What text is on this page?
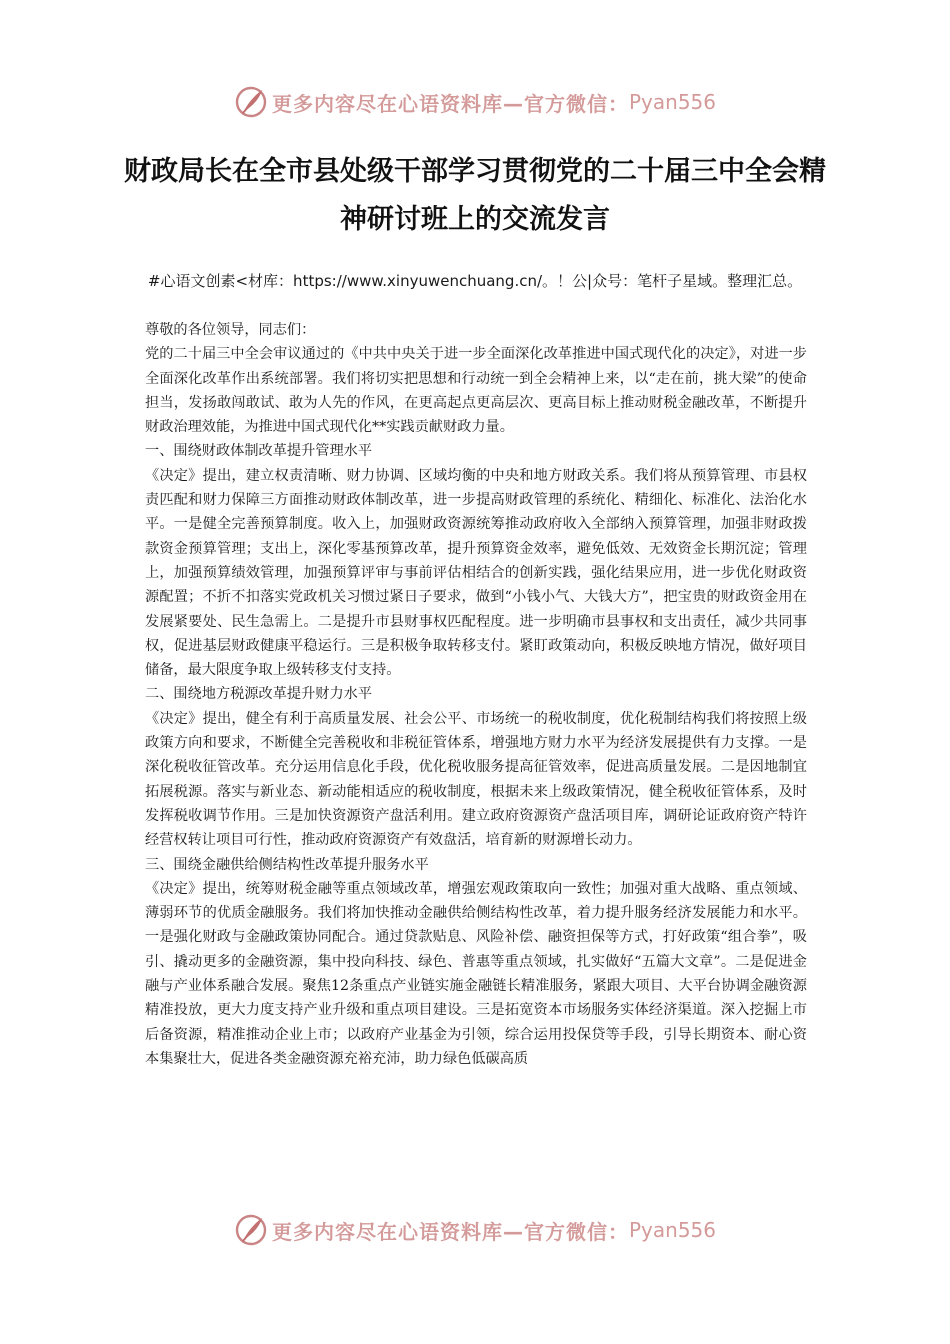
更多内容尽在心语资料库—官方微信： Pyan556
财政局长在全市县处级干部学习贯彻党的二十届三中全会精神研讨班上的交流发言
#心语文创素<材库：https://www.xinyuwenchuang.cn/。！公|众号：笔杆子星域。整理汇总。

尊敬的各位领导，同志们：

党的二十届三中全会审议通过的《中共中央关于进一步全面深化改革推进中国式现代化的决定》，对进一步全面深化改革作出系统部署。我们将切实把思想和行动统一到全会精神上来，以“走在前，挑大梁”的使命担当，发扬敢闯敢试、敢为人先的作风，在更高起点更高层次、更高目标上推动财税金融改革，不断提升财政治理效能，为推进中国式现代化**实践贡献财政力量。

一、围绕财政体制改革提升管理水平

《决定》提出，建立权责清晰、财力协调、区域均衡的中央和地方财政关系。我们将从预算管理、市县权责匹配和财力保障三方面推动财政体制改革，进一步提高财政管理的系统化、精细化、标准化、法治化水平。一是健全完善预算制度。收入上，加强财政资源统筹推动政府收入全部纳入预算管理，加强非财政拨款资金预算管理；支出上，深化零基预算改革，提升预算资金效率，避免低效、无效资金长期沉淀；管理上，加强预算绩效管理，加强预算评审与事前评估相结合的创新实践，强化结果应用，进一步优化财政资源配置；不折不扣落实党政机关习惯过紧日子要求，做到“小钱小气、大钱大方”，把宝贵的财政资金用在发展紧要处、民生急需上。二是提升市县财事权匹配程度。进一步明确市县事权和支出责任，减少共同事权，促进基层财政健康平稳运行。三是积极争取转移支付。紧盯政策动向，积极反映地方情况，做好项目储备，最大限度争取上级转移支付支持。

二、围绕地方税源改革提升财力水平

《决定》提出，健全有利于高质量发展、社会公平、市场统一的税收制度，优化税制结构我们将按照上级政策方向和要求，不断健全完善税收和非税征管体系，增强地方财力水平为经济发展提供有力支撑。一是深化税收征管改革。充分运用信息化手段，优化税收服务提高征管效率，促进高质量发展。二是因地制宜拓展税源。落实与新业态、新动能相适应的税收制度，根据未来上级政策情况，健全税收征管体系，及时发挥税收调节作用。三是加快资源资产盘活利用。建立政府资源资产盘活项目库，调研论证政府资产特许经营权转让项目可行性，推动政府资源资产有效盘活，培育新的财源增长动力。

三、围绕金融供给侧结构性改革提升服务水平

《决定》提出，统筹财税金融等重点领域改革，增强宏观政策取向一致性；加强对重大战略、重点领域、薄弱环节的优质金融服务。我们将加快推动金融供给侧结构性改革，着力提升服务经济发展能力和水平。一是强化财政与金融政策协同配合。通过贷款贴息、风险补偿、融资担保等方式，打好政策“组合拳”，吸引、撬动更多的金融资源，集中投向科技、绿色、普惠等重点领域，扎实做好“五篇大文章”。二是促进金融与产业体系融合发展。聚焦12条重点产业链实施金融链长精准服务，紧跟大项目、大平台协调金融资源精准投放，更大力度支持产业升级和重点项目建设。三是拓宽资本市场服务实体经济渠道。深入挖掘上市后备资源，精准推动企业上市；以政府产业基金为引领，综合运用投保贷等手段，引导长期资本、耐心资本集聚壮大，促进各类金融资源充裕充沛，助力绿色低碳高质

更多内容尽在心语资料库—官方微信： Pyan556
